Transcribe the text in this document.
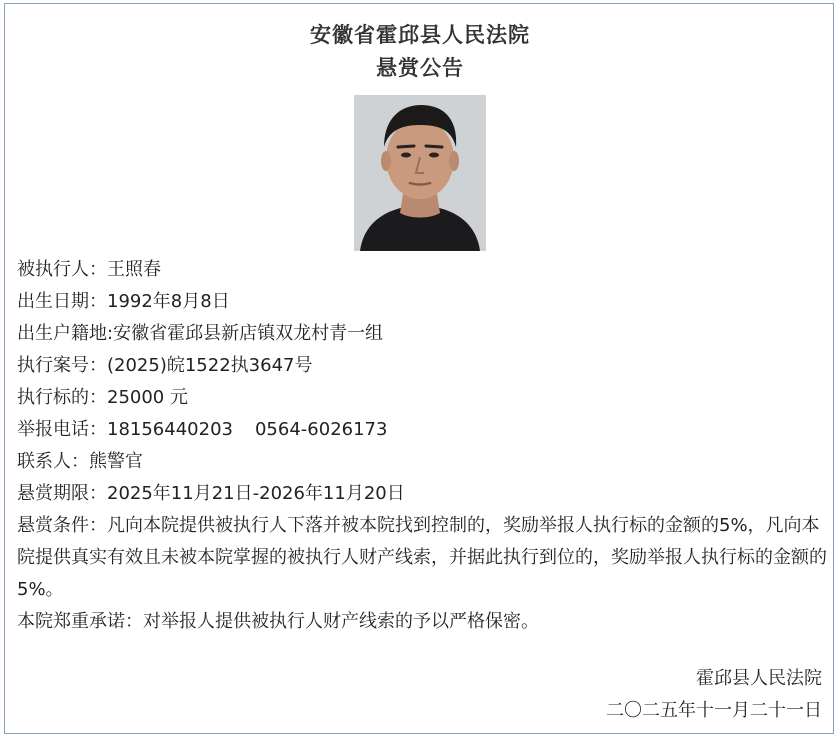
安徽省霍邱县人民法院
悬赏公告
被执行人：王照春
出生日期：1992年8月8日
出生户籍地:安徽省霍邱县新店镇双龙村青一组
执行案号：(2025)皖1522执3647号
执行标的：25000 元
举报电话：18156440203 0564-6026173
联系人：熊警官
悬赏期限：2025年11月21日-2026年11月20日
悬赏条件：凡向本院提供被执行人下落并被本院找到控制的，奖励举报人执行标的金额的5%，凡向本院提供真实有效且未被本院掌握的被执行人财产线索，并据此执行到位的，奖励举报人执行标的金额的5%。
本院郑重承诺：对举报人提供被执行人财产线索的予以严格保密。
霍邱县人民法院
二〇二五年十一月二十一日
